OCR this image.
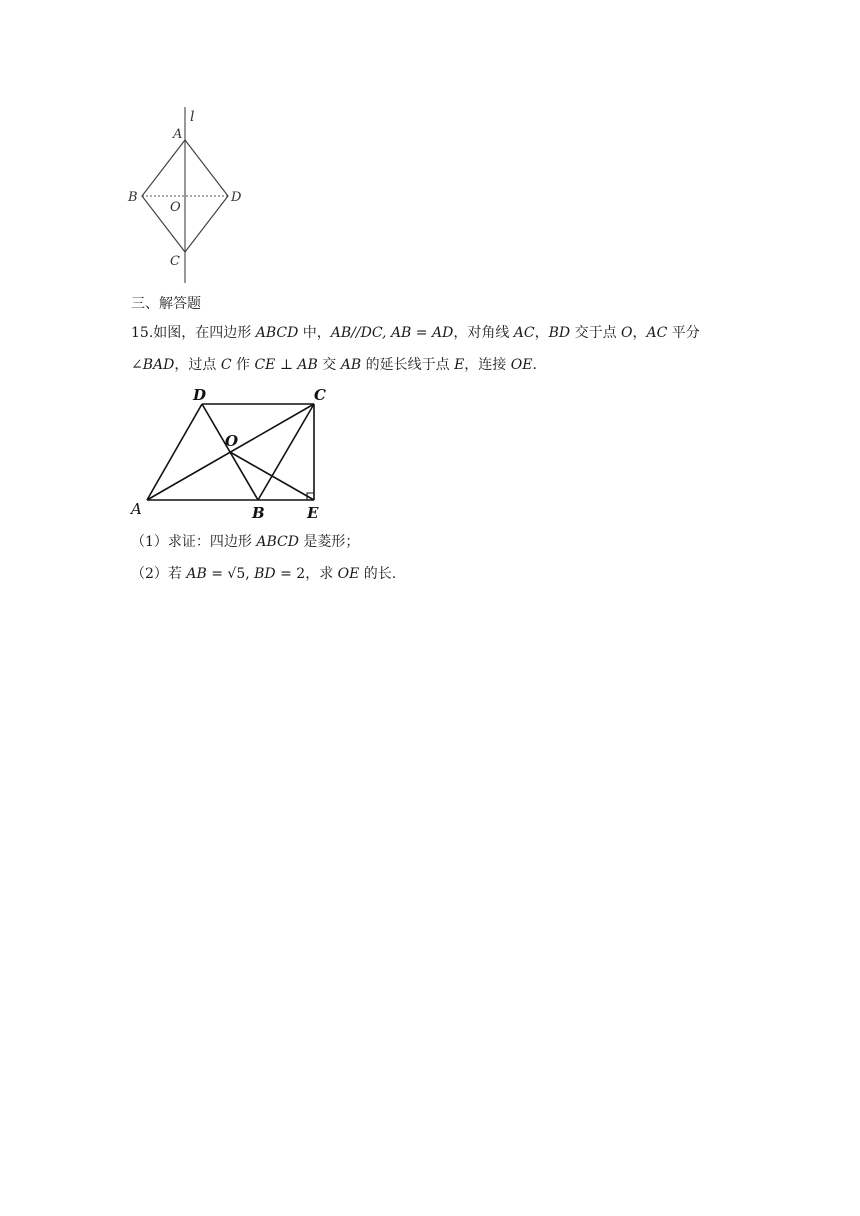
l
A
B
O
D
C
三、解答题
15.如图，在四边形 ABCD 中，AB//DC, AB = AD，对角线 AC，BD 交于点 O，AC 平分
∠BAD，过点 C 作 CE ⊥ AB 交 AB 的延长线于点 E，连接 OE.
D	C
O
A	B	E
（1）求证：四边形 ABCD 是菱形；
（2）若 AB = √5, BD = 2，求 OE 的长.
